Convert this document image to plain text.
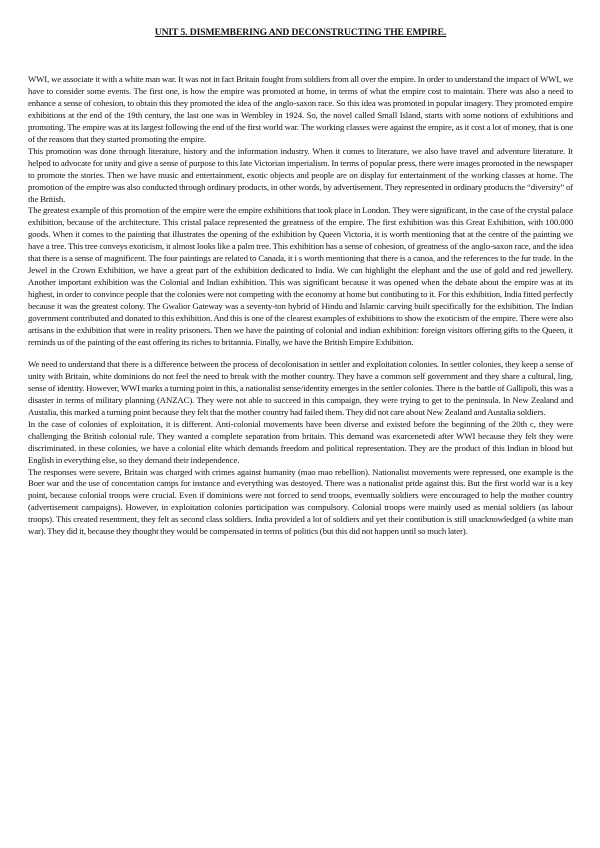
UNIT 5. DISMEMBERING AND DECONSTRUCTING THE EMPIRE.

WWI, we associate it with a white man war. It was not in fact Britain fought from soldiers from all over the empire. In order to understand the impact of WWI, we have to consider some events. The first one, is how the empire was promoted at home, in terms of what the empire cost to maintain. There was also a need to enhance a sense of cohesion, to obtain this they promoted the idea of the anglo-saxon race. So this idea was promoted in popular imagery. They promoted empire exhibitions at the end of the 19th century, the last one was in Wembley in 1924. So, the novel called Small Island, starts with some notions of exhibitions and promoting. The empire was at its largest following the end of the first world war. The working classes were against the empire, as it cost a lot of money, that is one of the reasons that they started promoting the empire.

This promotion was done through literature, history and the information industry. When it comes to literature, we also have travel and adventure literature. It helped to advocate for unity and give a sense of purpose to this late Victorian imperialism. In terms of popular press, there were images promoted in the newspaper to promote the stories. Then we have music and entertainment, exotic objects and people are on display for entertainment of the working classes at home. The promotion of the empire was also conducted through ordinary products, in other words, by advertisement. They represented in ordinary products the “diversity” of the British.

The greatest example of this promotion of the empire were the empire exhibitions that took place in London. They were significant, in the case of the crystal palace exhibition, because of the architecture. This cristal palace represented the greatness of the empire. The first exhibition was this Great Exhibition, with 100.000 goods. When it comes to the painting that illustrates the opening of the exhibition by Queen Victoria, it is worth mentioning that at the centre of the painting we have a tree. This tree conveys exoticism, it almost looks like a palm tree. This exhibition has a sense of cohesion, of greatness of the anglo-saxon race, and the idea that there is a sense of magnificent. The four paintings are related to Canada, it i s worth mentioning that there is a canoa, and the references to the fur trade. In the Jewel in the Crown Exhibition, we have a great part of the exhibition dedicated to India. We can highlight the elephant and the use of gold and red jewellery. Another important exhibition was the Colonial and Indian exhibition. This was significant because it was opened when the debate about the empire was at its highest, in order to convince people that the colonies were not competing with the economy at home but contibuting to it. For this exhibition, India fitted perfectly because it was the greatest colony. The Gwalior Gateway was a seventy-ton hybrid of Hindu and Islamic carving built specifically for the exhibition. The Indian government contributed and donated to this exhibition. And this is one of the clearest examples of exhibitions to show the exoticism of the empire. There were also artisans in the exhibition that were in reality prisoners. Then we have the painting of colonial and indian exhibition: foreign visitors offering gifts to the Queen, it reminds us of the painting of the east offering its riches to britannia. Finally, we have the British Empire Exhibition.

We need to understand that there is a difference between the process of decolonisation in settler and exploitation colonies. In settler colonies, they keep a sense of unity with Britain, white dominions do not feel the need to break with the mother country. They have a common self government and they share a cultural, ling, sense of identity. However, WWI marks a turning point in this, a nationalist sense/identity emerges in the settler colonies. There is the battle of Gallipoli, this was a disaster in terms of military planning (ANZAC). They were not able to succeed in this campaign, they were trying to get to the peninsula. In New Zealand and Austalia, this marked a turning point because they felt that the mother country had failed them. They did not care about New Zealand and Austalia soldiers.

In the case of colonies of exploitation, it is different. Anti-colonial movements have been diverse and existed before the beginning of the 20th c, they were challenging the British colonial rule. They wanted a complete separation from britain. This demand was exarcenetedi after WWI because they felt they were discriminated. in these colonies, we have a colonial elite which demands freedom and political representation. They are the product of this Indian in blood but English in everything else, so they demand their independence.

The responses were severe, Britain was charged with crimes against humanity (mao mao rebellion). Nationalist movements were repressed, one example is the Boer war and the use of concentation camps for instance and everything was destoyed. There was a nationalist pride against this. But the first world war is a key point, because colonial troops were crucial. Even if dominions were not forced to send troops, eventually soldiers were encouraged to help the mother country (advertisement campaigns). However, in exploitation colonies participation was compulsory. Colonial troops were mainly used as menial soldiers (as labour troops). This created resentment, they felt as second class soldiers. India provided a lot of soldiers and yet their contibution is still unacknowledged (a white man war). They did it, because they thought they would be compensated in terms of politics (but this did not happen until so much later).
